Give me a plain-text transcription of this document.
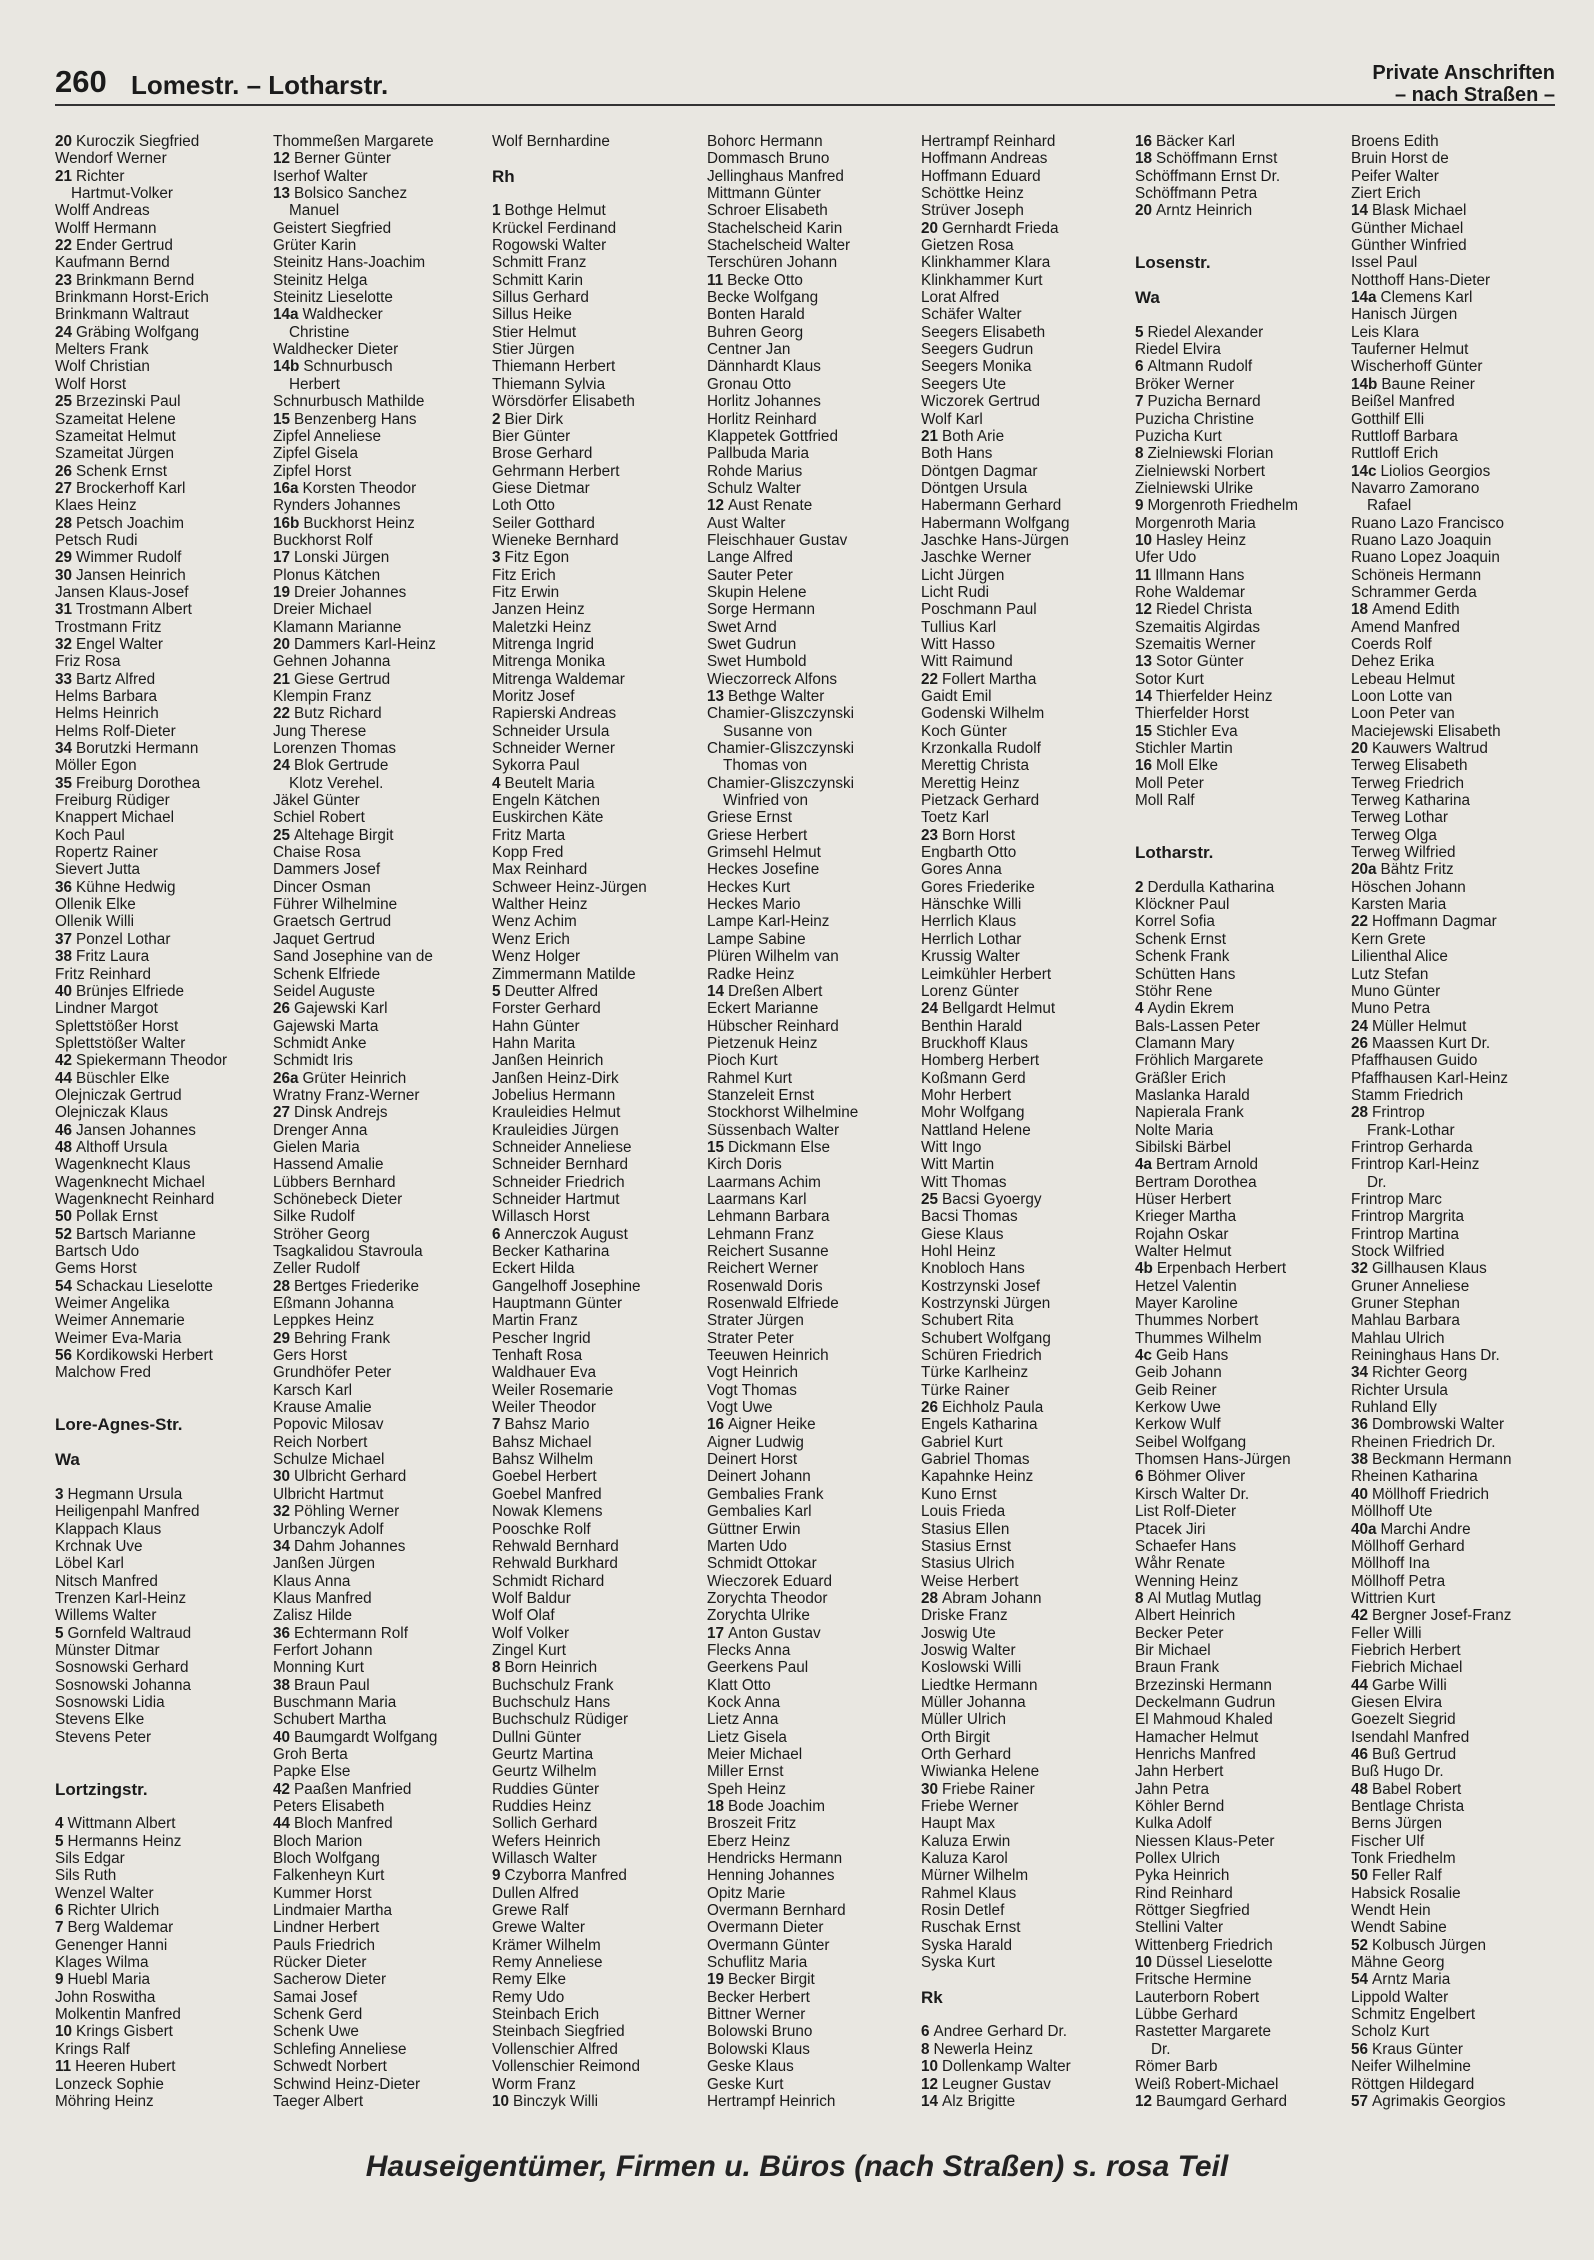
260 Lomestr. – Lotharstr.	Private Anschriften
– nach Straßen –
20 Kuroczik Siegfried
Wendorf Werner
21 Richter
Hartmut-Volker
Wolff Andreas
Wolff Hermann
22 Ender Gertrud
Kaufmann Bernd
23 Brinkmann Bernd
Brinkmann Horst-Erich
Brinkmann Waltraut
24 Gräbing Wolfgang
Melters Frank
Wolf Christian
Wolf Horst
25 Brzezinski Paul
Szameitat Helene
Szameitat Helmut
Szameitat Jürgen
26 Schenk Ernst
27 Brockerhoff Karl
Klaes Heinz
28 Petsch Joachim
Petsch Rudi
29 Wimmer Rudolf
30 Jansen Heinrich
Jansen Klaus-Josef
31 Trostmann Albert
Trostmann Fritz
32 Engel Walter
Friz Rosa
33 Bartz Alfred
Helms Barbara
Helms Heinrich
Helms Rolf-Dieter
34 Borutzki Hermann
Möller Egon
35 Freiburg Dorothea
Freiburg Rüdiger
Knappert Michael
Koch Paul
Ropertz Rainer
Sievert Jutta
36 Kühne Hedwig
Ollenik Elke
Ollenik Willi
37 Ponzel Lothar
38 Fritz Laura
Fritz Reinhard
40 Brünjes Elfriede
Lindner Margot
Splettstößer Horst
Splettstößer Walter
42 Spiekermann Theodor
44 Büschler Elke
Olejniczak Gertrud
Olejniczak Klaus
46 Jansen Johannes
48 Althoff Ursula
Wagenknecht Klaus
Wagenknecht Michael
Wagenknecht Reinhard
50 Pollak Ernst
52 Bartsch Marianne
Bartsch Udo
Gems Horst
54 Schackau Lieselotte
Weimer Angelika
Weimer Annemarie
Weimer Eva-Maria
56 Kordikowski Herbert
Malchow Fred
Lore-Agnes-Str.
Wa
3 Hegmann Ursula
Heiligenpahl Manfred
Klappach Klaus
Krchnak Uve
Löbel Karl
Nitsch Manfred
Trenzen Karl-Heinz
Willems Walter
5 Gornfeld Waltraud
Münster Ditmar
Sosnowski Gerhard
Sosnowski Johanna
Sosnowski Lidia
Stevens Elke
Stevens Peter
Lortzingstr.
4 Wittmann Albert
5 Hermanns Heinz
Sils Edgar
Sils Ruth
Wenzel Walter
6 Richter Ulrich
7 Berg Waldemar
Genenger Hanni
Klages Wilma
9 Huebl Maria
John Roswitha
Molkentin Manfred
10 Krings Gisbert
Krings Ralf
11 Heeren Hubert
Lonzeck Sophie
Möhring Heinz
Thommeßen Margarete
12 Berner Günter
Iserhof Walter
13 Bolsico Sanchez
Manuel
Geistert Siegfried
Grüter Karin
Steinitz Hans-Joachim
Steinitz Helga
Steinitz Lieselotte
14a Waldhecker
Christine
Waldhecker Dieter
14b Schnurbusch
Herbert
Schnurbusch Mathilde
15 Benzenberg Hans
Zipfel Anneliese
Zipfel Gisela
Zipfel Horst
16a Korsten Theodor
Rynders Johannes
16b Buckhorst Heinz
Buckhorst Rolf
17 Lonski Jürgen
Plonus Kätchen
19 Dreier Johannes
Dreier Michael
Klamann Marianne
20 Dammers Karl-Heinz
Gehnen Johanna
21 Giese Gertrud
Klempin Franz
22 Butz Richard
Jung Therese
Lorenzen Thomas
24 Blok Gertrude
Klotz Verehel.
Jäkel Günter
Schiel Robert
25 Altehage Birgit
Chaise Rosa
Dammers Josef
Dincer Osman
Führer Wilhelmine
Graetsch Gertrud
Jaquet Gertrud
Sand Josephine van de
Schenk Elfriede
Seidel Auguste
26 Gajewski Karl
Gajewski Marta
Schmidt Anke
Schmidt Iris
26a Grüter Heinrich
Wratny Franz-Werner
27 Dinsk Andrejs
Drenger Anna
Gielen Maria
Hassend Amalie
Lübbers Bernhard
Schönebeck Dieter
Silke Rudolf
Ströher Georg
Tsagkalidou Stavroula
Zeller Rudolf
28 Bertges Friederike
Eßmann Johanna
Leppkes Heinz
29 Behring Frank
Gers Horst
Grundhöfer Peter
Karsch Karl
Krause Amalie
Popovic Milosav
Reich Norbert
Schulze Michael
30 Ulbricht Gerhard
Ulbricht Hartmut
32 Pöhling Werner
Urbanczyk Adolf
34 Dahm Johannes
Janßen Jürgen
Klaus Anna
Klaus Manfred
Zalisz Hilde
36 Echtermann Rolf
Ferfort Johann
Monning Kurt
38 Braun Paul
Buschmann Maria
Schubert Martha
40 Baumgardt Wolfgang
Groh Berta
Papke Else
42 Paaßen Manfried
Peters Elisabeth
44 Bloch Manfred
Bloch Marion
Bloch Wolfgang
Falkenheyn Kurt
Kummer Horst
Lindmaier Martha
Lindner Herbert
Pauls Friedrich
Rücker Dieter
Sacherow Dieter
Samai Josef
Schenk Gerd
Schenk Uwe
Schlefing Anneliese
Schwedt Norbert
Schwind Heinz-Dieter
Taeger Albert
Wolf Bernhardine
Rh
1 Bothge Helmut
Krückel Ferdinand
Rogowski Walter
Schmitt Franz
Schmitt Karin
Sillus Gerhard
Sillus Heike
Stier Helmut
Stier Jürgen
Thiemann Herbert
Thiemann Sylvia
Wörsdörfer Elisabeth
2 Bier Dirk
Bier Günter
Brose Gerhard
Gehrmann Herbert
Giese Dietmar
Loth Otto
Seiler Gotthard
Wieneke Bernhard
3 Fitz Egon
Fitz Erich
Fitz Erwin
Janzen Heinz
Maletzki Heinz
Mitrenga Ingrid
Mitrenga Monika
Mitrenga Waldemar
Moritz Josef
Rapierski Andreas
Schneider Ursula
Schneider Werner
Sykorra Paul
4 Beutelt Maria
Engeln Kätchen
Euskirchen Käte
Fritz Marta
Kopp Fred
Max Reinhard
Schweer Heinz-Jürgen
Walther Heinz
Wenz Achim
Wenz Erich
Wenz Holger
Zimmermann Matilde
5 Deutter Alfred
Forster Gerhard
Hahn Günter
Hahn Marita
Janßen Heinrich
Janßen Heinz-Dirk
Jobelius Hermann
Krauleidies Helmut
Krauleidies Jürgen
Schneider Anneliese
Schneider Bernhard
Schneider Friedrich
Schneider Hartmut
Willasch Horst
6 Annerczok August
Becker Katharina
Eckert Hilda
Gangelhoff Josephine
Hauptmann Günter
Martin Franz
Pescher Ingrid
Tenhaft Rosa
Waldhauer Eva
Weiler Rosemarie
Weiler Theodor
7 Bahsz Mario
Bahsz Michael
Bahsz Wilhelm
Goebel Herbert
Goebel Manfred
Nowak Klemens
Pooschke Rolf
Rehwald Bernhard
Rehwald Burkhard
Schmidt Richard
Wolf Baldur
Wolf Olaf
Wolf Volker
Zingel Kurt
8 Born Heinrich
Buchschulz Frank
Buchschulz Hans
Buchschulz Rüdiger
Dullni Günter
Geurtz Martina
Geurtz Wilhelm
Ruddies Günter
Ruddies Heinz
Sollich Gerhard
Wefers Heinrich
Willasch Walter
9 Czyborra Manfred
Dullen Alfred
Grewe Ralf
Grewe Walter
Krämer Wilhelm
Remy Anneliese
Remy Elke
Remy Udo
Steinbach Erich
Steinbach Siegfried
Vollenschier Alfred
Vollenschier Reimond
Worm Franz
10 Binczyk Willi
Bohorc Hermann
Dommasch Bruno
Jellinghaus Manfred
Mittmann Günter
Schroer Elisabeth
Stachelscheid Karin
Stachelscheid Walter
Terschüren Johann
11 Becke Otto
Becke Wolfgang
Bonten Harald
Buhren Georg
Centner Jan
Dännhardt Klaus
Gronau Otto
Horlitz Johannes
Horlitz Reinhard
Klappetek Gottfried
Pallbuda Maria
Rohde Marius
Schulz Walter
12 Aust Renate
Aust Walter
Fleischhauer Gustav
Lange Alfred
Sauter Peter
Skupin Helene
Sorge Hermann
Swet Arnd
Swet Gudrun
Swet Humbold
Wieczorreck Alfons
13 Bethge Walter
Chamier-Gliszczynski
Susanne von
Chamier-Gliszczynski
Thomas von
Chamier-Gliszczynski
Winfried von
Griese Ernst
Griese Herbert
Grimsehl Helmut
Heckes Josefine
Heckes Kurt
Heckes Mario
Lampe Karl-Heinz
Lampe Sabine
Plüren Wilhelm van
Radke Heinz
14 Dreßen Albert
Eckert Marianne
Hübscher Reinhard
Pietzenuk Heinz
Pioch Kurt
Rahmel Kurt
Stanzeleit Ernst
Stockhorst Wilhelmine
Süssenbach Walter
15 Dickmann Else
Kirch Doris
Laarmans Achim
Laarmans Karl
Lehmann Barbara
Lehmann Franz
Reichert Susanne
Reichert Werner
Rosenwald Doris
Rosenwald Elfriede
Strater Jürgen
Strater Peter
Teeuwen Heinrich
Vogt Heinrich
Vogt Thomas
Vogt Uwe
16 Aigner Heike
Aigner Ludwig
Deinert Horst
Deinert Johann
Gembalies Frank
Gembalies Karl
Güttner Erwin
Marten Udo
Schmidt Ottokar
Wieczorek Eduard
Zorychta Theodor
Zorychta Ulrike
17 Anton Gustav
Flecks Anna
Geerkens Paul
Klatt Otto
Kock Anna
Lietz Anna
Lietz Gisela
Meier Michael
Miller Ernst
Speh Heinz
18 Bode Joachim
Broszeit Fritz
Eberz Heinz
Hendricks Hermann
Henning Johannes
Opitz Marie
Overmann Bernhard
Overmann Dieter
Overmann Günter
Schuflitz Maria
19 Becker Birgit
Becker Herbert
Bittner Werner
Bolowski Bruno
Bolowski Klaus
Geske Klaus
Geske Kurt
Hertrampf Heinrich
Hertrampf Reinhard
Hoffmann Andreas
Hoffmann Eduard
Schöttke Heinz
Strüver Joseph
20 Gernhardt Frieda
Gietzen Rosa
Klinkhammer Klara
Klinkhammer Kurt
Lorat Alfred
Schäfer Walter
Seegers Elisabeth
Seegers Gudrun
Seegers Monika
Seegers Ute
Wiczorek Gertrud
Wolf Karl
21 Both Arie
Both Hans
Döntgen Dagmar
Döntgen Ursula
Habermann Gerhard
Habermann Wolfgang
Jaschke Hans-Jürgen
Jaschke Werner
Licht Jürgen
Licht Rudi
Poschmann Paul
Tullius Karl
Witt Hasso
Witt Raimund
22 Follert Martha
Gaidt Emil
Godenski Wilhelm
Koch Günter
Krzonkalla Rudolf
Merettig Christa
Merettig Heinz
Pietzack Gerhard
Toetz Karl
23 Born Horst
Engbarth Otto
Gores Anna
Gores Friederike
Hänschke Willi
Herrlich Klaus
Herrlich Lothar
Krussig Walter
Leimkühler Herbert
Lorenz Günter
24 Bellgardt Helmut
Benthin Harald
Bruckhoff Klaus
Homberg Herbert
Koßmann Gerd
Mohr Herbert
Mohr Wolfgang
Nattland Helene
Witt Ingo
Witt Martin
Witt Thomas
25 Bacsi Gyoergy
Bacsi Thomas
Giese Klaus
Hohl Heinz
Knobloch Hans
Kostrzynski Josef
Kostrzynski Jürgen
Schubert Rita
Schubert Wolfgang
Schüren Friedrich
Türke Karlheinz
Türke Rainer
26 Eichholz Paula
Engels Katharina
Gabriel Kurt
Gabriel Thomas
Kapahnke Heinz
Kuno Ernst
Louis Frieda
Stasius Ellen
Stasius Ernst
Stasius Ulrich
Weise Herbert
28 Abram Johann
Driske Franz
Joswig Ute
Joswig Walter
Koslowski Willi
Liedtke Hermann
Müller Johanna
Müller Ulrich
Orth Birgit
Orth Gerhard
Wiwianka Helene
30 Friebe Rainer
Friebe Werner
Haupt Max
Kaluza Erwin
Kaluza Karol
Mürner Wilhelm
Rahmel Klaus
Rosin Detlef
Ruschak Ernst
Syska Harald
Syska Kurt
Rk
6 Andree Gerhard Dr.
8 Newerla Heinz
10 Dollenkamp Walter
12 Leugner Gustav
14 Alz Brigitte
16 Bäcker Karl
18 Schöffmann Ernst
Schöffmann Ernst Dr.
Schöffmann Petra
20 Arntz Heinrich
Losenstr.
Wa
5 Riedel Alexander
Riedel Elvira
6 Altmann Rudolf
Bröker Werner
7 Puzicha Bernard
Puzicha Christine
Puzicha Kurt
8 Zielniewski Florian
Zielniewski Norbert
Zielniewski Ulrike
9 Morgenroth Friedhelm
Morgenroth Maria
10 Hasley Heinz
Ufer Udo
11 Illmann Hans
Rohe Waldemar
12 Riedel Christa
Szemaitis Algirdas
Szemaitis Werner
13 Sotor Günter
Sotor Kurt
14 Thierfelder Heinz
Thierfelder Horst
15 Stichler Eva
Stichler Martin
16 Moll Elke
Moll Peter
Moll Ralf
Lotharstr.
2 Derdulla Katharina
Klöckner Paul
Korrel Sofia
Schenk Ernst
Schenk Frank
Schütten Hans
Stöhr Rene
4 Aydin Ekrem
Bals-Lassen Peter
Clamann Mary
Fröhlich Margarete
Gräßler Erich
Maslanka Harald
Napierala Frank
Nolte Maria
Sibilski Bärbel
4a Bertram Arnold
Bertram Dorothea
Hüser Herbert
Krieger Martha
Rojahn Oskar
Walter Helmut
4b Erpenbach Herbert
Hetzel Valentin
Mayer Karoline
Thummes Norbert
Thummes Wilhelm
4c Geib Hans
Geib Johann
Geib Reiner
Kerkow Uwe
Kerkow Wulf
Seibel Wolfgang
Thomsen Hans-Jürgen
6 Böhmer Oliver
Kirsch Walter Dr.
List Rolf-Dieter
Ptacek Jiri
Schaefer Hans
Wåhr Renate
Wenning Heinz
8 Al Mutlag Mutlag
Albert Heinrich
Becker Peter
Bir Michael
Braun Frank
Brzezinski Hermann
Deckelmann Gudrun
El Mahmoud Khaled
Hamacher Helmut
Henrichs Manfred
Jahn Herbert
Jahn Petra
Köhler Bernd
Kulka Adolf
Niessen Klaus-Peter
Pollex Ulrich
Pyka Heinrich
Rind Reinhard
Röttger Siegfried
Stellini Valter
Wittenberg Friedrich
10 Düssel Lieselotte
Fritsche Hermine
Lauterborn Robert
Lübbe Gerhard
Rastetter Margarete
Dr.
Römer Barb
Weiß Robert-Michael
12 Baumgard Gerhard
Broens Edith
Bruin Horst de
Peifer Walter
Ziert Erich
14 Blask Michael
Günther Michael
Günther Winfried
Issel Paul
Notthoff Hans-Dieter
14a Clemens Karl
Hanisch Jürgen
Leis Klara
Tauferner Helmut
Wischerhoff Günter
14b Baune Reiner
Beißel Manfred
Gotthilf Elli
Ruttloff Barbara
Ruttloff Erich
14c Liolios Georgios
Navarro Zamorano
Rafael
Ruano Lazo Francisco
Ruano Lazo Joaquin
Ruano Lopez Joaquin
Schöneis Hermann
Schrammer Gerda
18 Amend Edith
Amend Manfred
Coerds Rolf
Dehez Erika
Lebeau Helmut
Loon Lotte van
Loon Peter van
Maciejewski Elisabeth
20 Kauwers Waltrud
Terweg Elisabeth
Terweg Friedrich
Terweg Katharina
Terweg Lothar
Terweg Olga
Terweg Wilfried
20a Bähtz Fritz
Höschen Johann
Karsten Maria
22 Hoffmann Dagmar
Kern Grete
Lilienthal Alice
Lutz Stefan
Muno Günter
Muno Petra
24 Müller Helmut
26 Maassen Kurt Dr.
Pfaffhausen Guido
Pfaffhausen Karl-Heinz
Stamm Friedrich
28 Frintrop
Frank-Lothar
Frintrop Gerharda
Frintrop Karl-Heinz
Dr.
Frintrop Marc
Frintrop Margrita
Frintrop Martina
Stock Wilfried
32 Gillhausen Klaus
Gruner Anneliese
Gruner Stephan
Mahlau Barbara
Mahlau Ulrich
Reininghaus Hans Dr.
34 Richter Georg
Richter Ursula
Ruhland Elly
36 Dombrowski Walter
Rheinen Friedrich Dr.
38 Beckmann Hermann
Rheinen Katharina
40 Möllhoff Friedrich
Möllhoff Ute
40a Marchi Andre
Möllhoff Gerhard
Möllhoff Ina
Möllhoff Petra
Wittrien Kurt
42 Bergner Josef-Franz
Feller Willi
Fiebrich Herbert
Fiebrich Michael
44 Garbe Willi
Giesen Elvira
Goezelt Siegrid
Isendahl Manfred
46 Buß Gertrud
Buß Hugo Dr.
48 Babel Robert
Bentlage Christa
Berns Jürgen
Fischer Ulf
Tonk Friedhelm
50 Feller Ralf
Habsick Rosalie
Wendt Hein
Wendt Sabine
52 Kolbusch Jürgen
Mähne Georg
54 Arntz Maria
Lippold Walter
Schmitz Engelbert
Scholz Kurt
56 Kraus Günter
Neifer Wilhelmine
Röttgen Hildegard
57 Agrimakis Georgios
Hauseigentümer, Firmen u. Büros (nach Straßen) s. rosa Teil
